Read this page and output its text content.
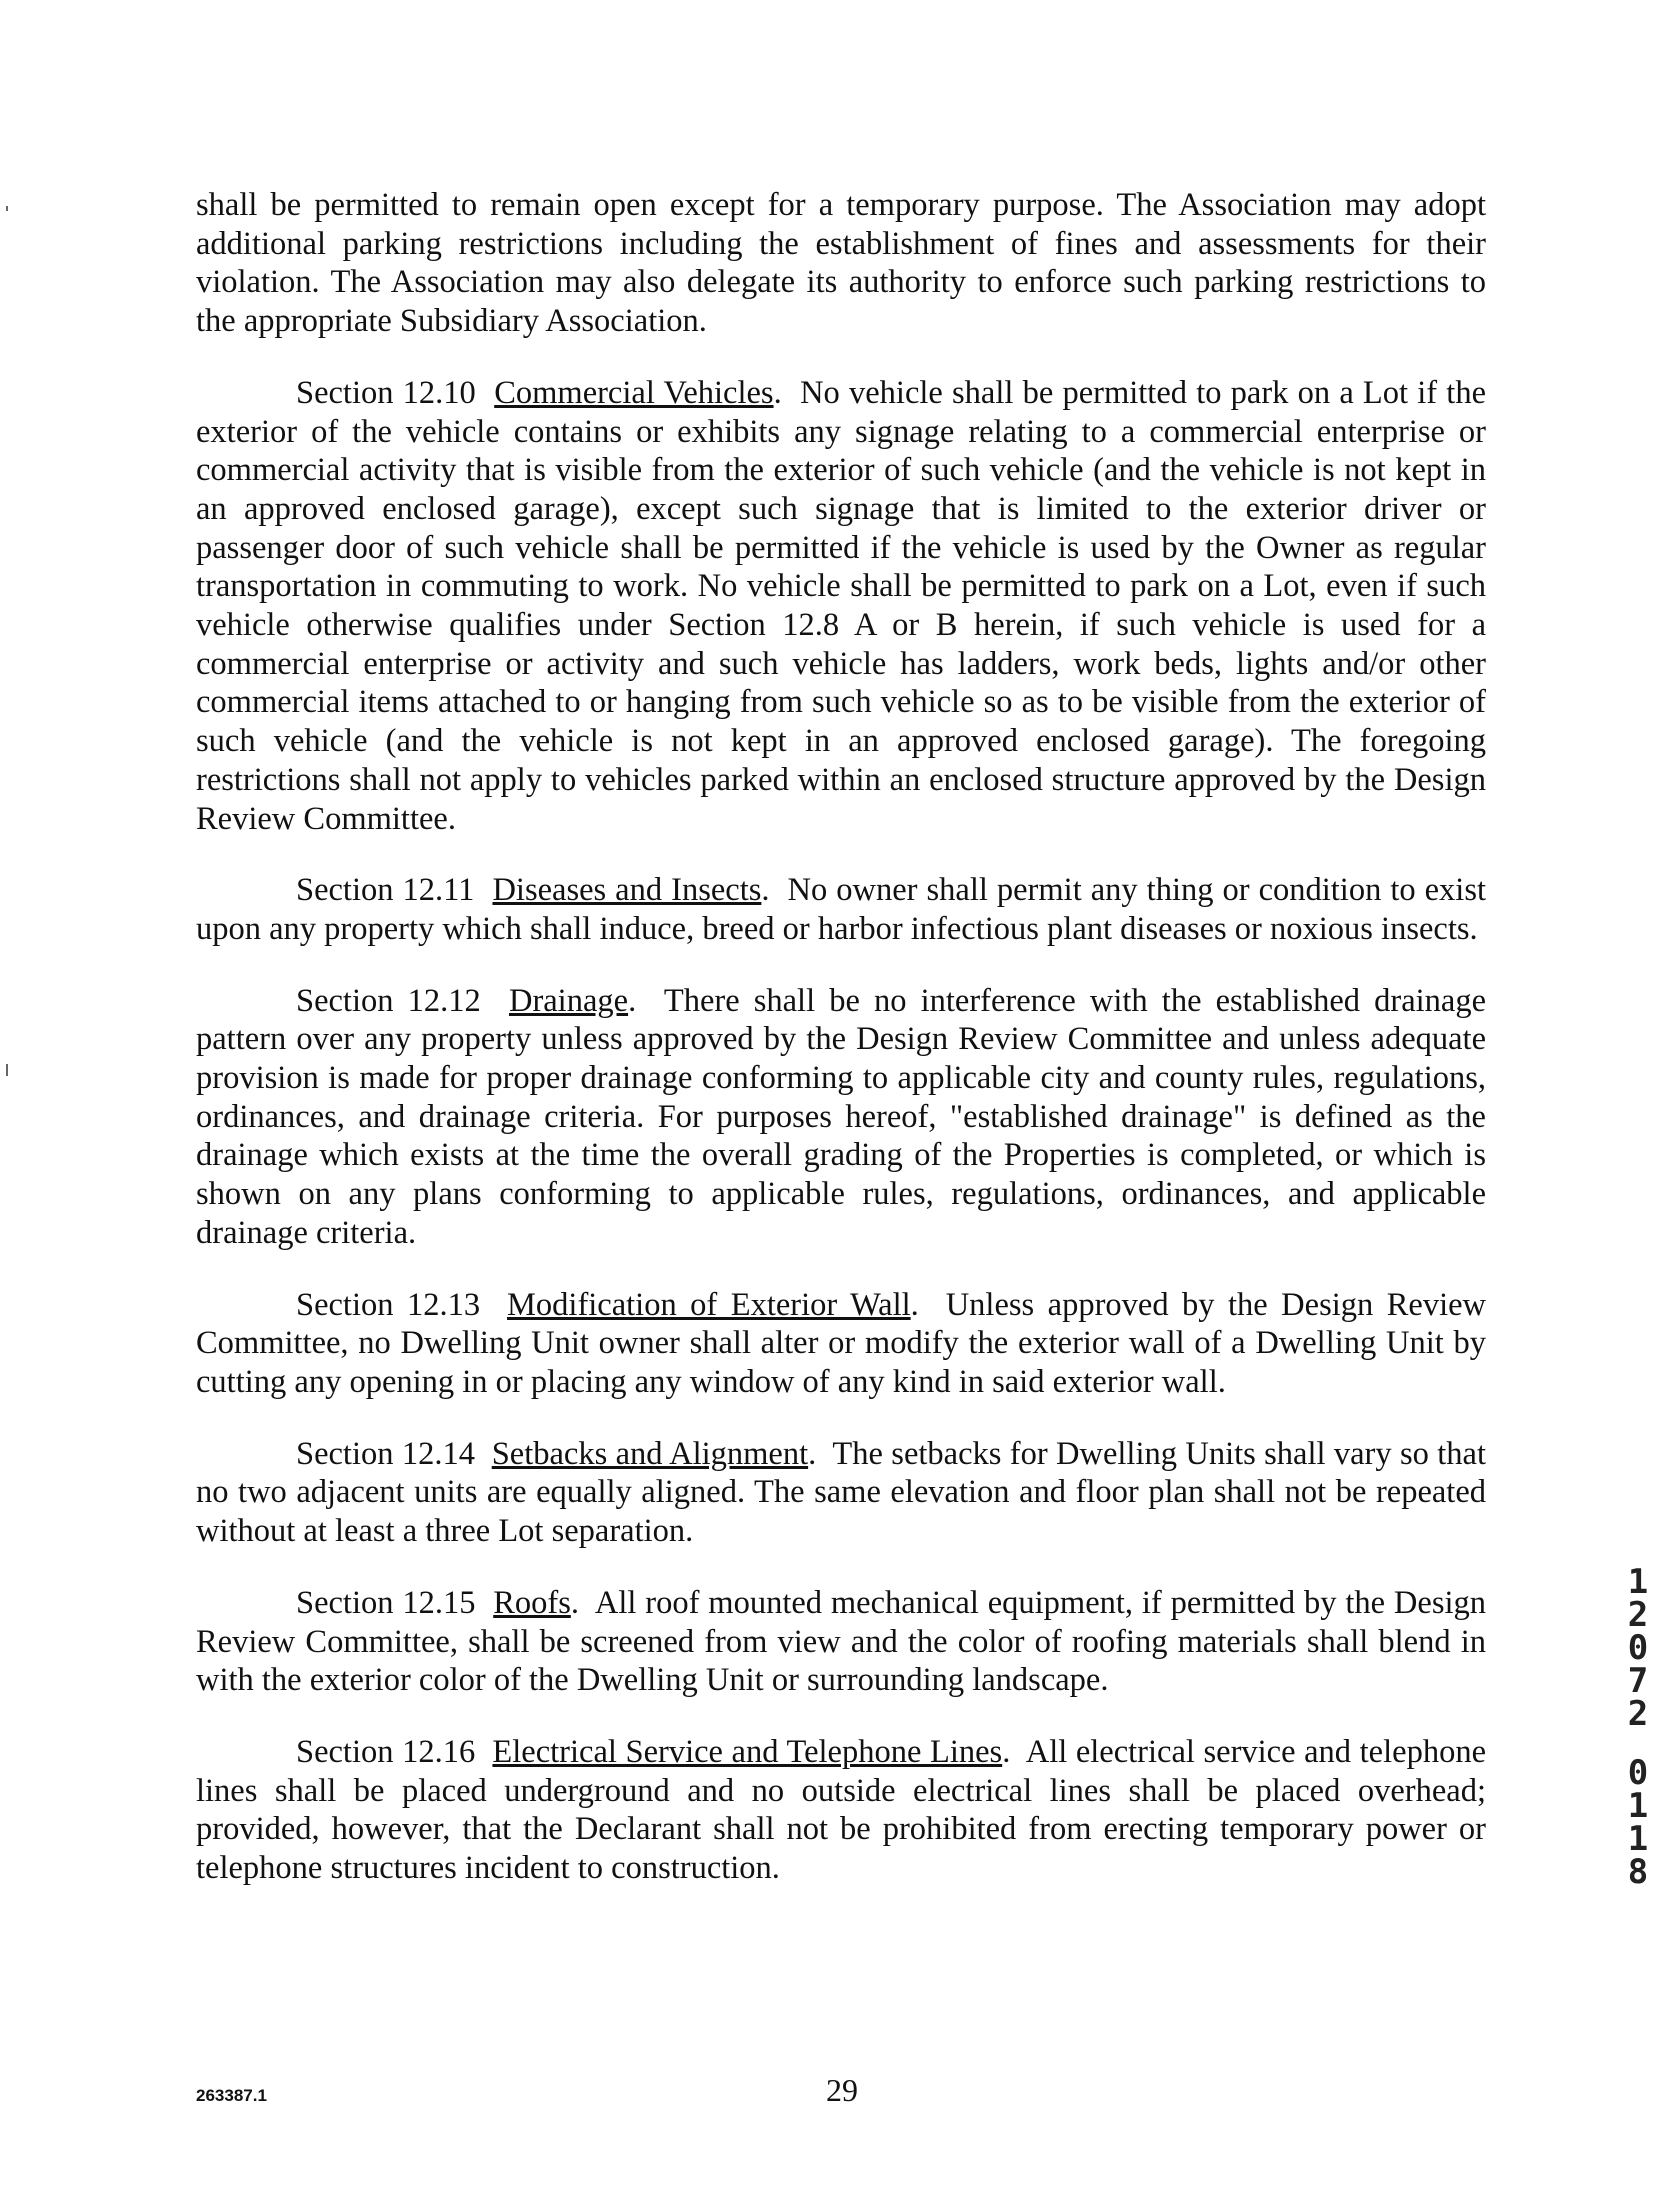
shall be permitted to remain open except for a temporary purpose. The Association may adopt additional parking restrictions including the establishment of fines and assessments for their violation. The Association may also delegate its authority to enforce such parking restrictions to the appropriate Subsidiary Association.

Section 12.10 Commercial Vehicles.  No vehicle shall be permitted to park on a Lot if the exterior of the vehicle contains or exhibits any signage relating to a commercial enterprise or commercial activity that is visible from the exterior of such vehicle (and the vehicle is not kept in an approved enclosed garage), except such signage that is limited to the exterior driver or passenger door of such vehicle shall be permitted if the vehicle is used by the Owner as regular transportation in commuting to work. No vehicle shall be permitted to park on a Lot, even if such vehicle otherwise qualifies under Section 12.8 A or B herein, if such vehicle is used for a commercial enterprise or activity and such vehicle has ladders, work beds, lights and/or other commercial items attached to or hanging from such vehicle so as to be visible from the exterior of such vehicle (and the vehicle is not kept in an approved enclosed garage). The foregoing restrictions shall not apply to vehicles parked within an enclosed structure approved by the Design Review Committee.

Section 12.11 Diseases and Insects.  No owner shall permit any thing or condition to exist upon any property which shall induce, breed or harbor infectious plant diseases or noxious insects.

Section 12.12 Drainage.  There shall be no interference with the established drainage pattern over any property unless approved by the Design Review Committee and unless adequate provision is made for proper drainage conforming to applicable city and county rules, regulations, ordinances, and drainage criteria. For purposes hereof, "established drainage" is defined as the drainage which exists at the time the overall grading of the Properties is completed, or which is shown on any plans conforming to applicable rules, regulations, ordinances, and applicable drainage criteria.

Section 12.13 Modification of Exterior Wall.  Unless approved by the Design Review Committee, no Dwelling Unit owner shall alter or modify the exterior wall of a Dwelling Unit by cutting any opening in or placing any window of any kind in said exterior wall.

Section 12.14 Setbacks and Alignment.  The setbacks for Dwelling Units shall vary so that no two adjacent units are equally aligned. The same elevation and floor plan shall not be repeated without at least a three Lot separation.

Section 12.15 Roofs.  All roof mounted mechanical equipment, if permitted by the Design Review Committee, shall be screened from view and the color of roofing materials shall blend in with the exterior color of the Dwelling Unit or surrounding landscape.

Section 12.16 Electrical Service and Telephone Lines.  All electrical service and telephone lines shall be placed underground and no outside electrical lines shall be placed overhead; provided, however, that the Declarant shall not be prohibited from erecting temporary power or telephone structures incident to construction.

1
2
0
7
2
0
1
1
8
263387.1	29
